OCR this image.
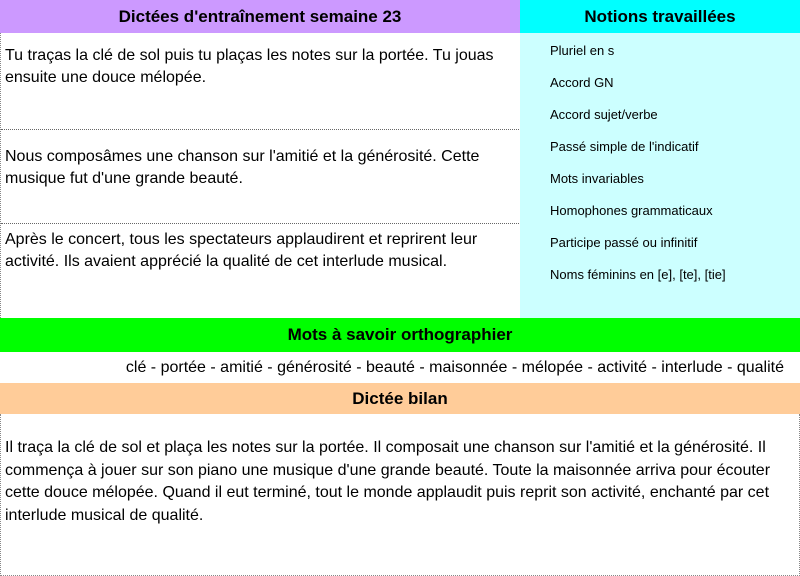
Dictées d'entraînement semaine 23	Notions travaillées
Tu traças la clé de sol puis tu plaças les notes sur la portée. Tu jouas ensuite une douce mélopée.
Nous composâmes une chanson sur l'amitié et la générosité. Cette musique fut d'une grande beauté.
Après le concert, tous les spectateurs applaudirent et reprirent leur activité. Ils avaient apprécié la qualité de cet interlude musical.
Pluriel en s
Accord GN
Accord sujet/verbe
Passé simple de l'indicatif
Mots invariables
Homophones grammaticaux
Participe passé ou infinitif
Noms féminins en [e], [te], [tie]
Mots à savoir orthographier
clé - portée - amitié - générosité - beauté - maisonnée - mélopée - activité - interlude - qualité
Dictée bilan
Il traça la clé de sol et plaça les notes sur la portée. Il composait une chanson sur l'amitié et la générosité. Il commença à jouer sur son piano une musique d'une grande beauté. Toute la maisonnée arriva pour écouter cette douce mélopée. Quand il eut terminé, tout le monde applaudit puis reprit son activité, enchanté par cet interlude musical de qualité.
